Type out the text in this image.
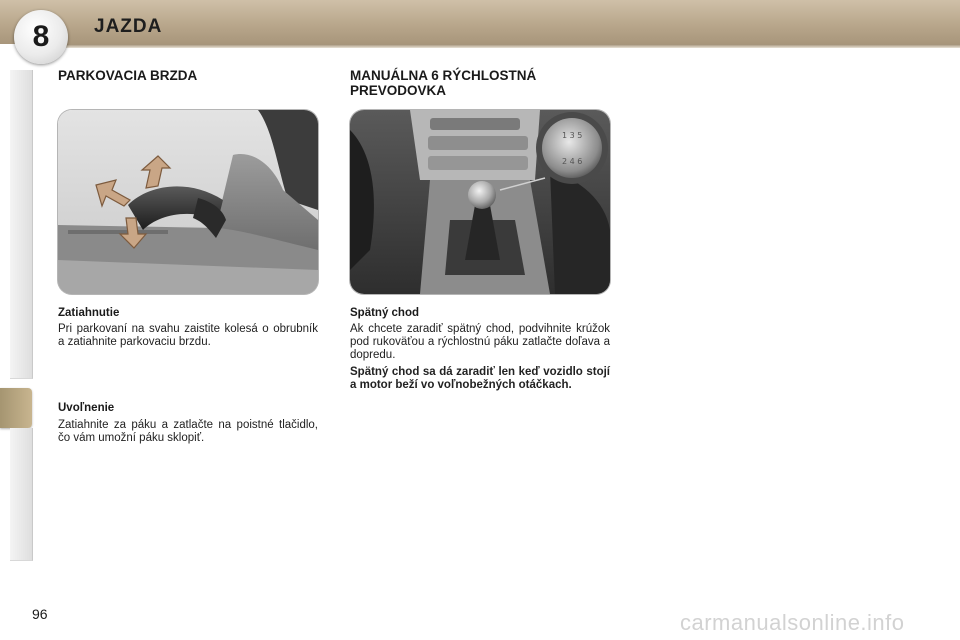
8	JAZDA
PARKOVACIA BRZDA
Zatiahnutie
Pri parkovaní na svahu zaistite kolesá o obrubník a zatiahnite parkovaciu brzdu.
Uvoľnenie
Zatiahnite za páku a zatlačte na poistné tlačidlo, čo vám umožní páku sklopiť.
MANUÁLNA 6 RÝCHLOSTNÁ
PREVODOVKA
1 3 5
2 4 6
Spätný chod
Ak chcete zaradiť spätný chod, podvihnite krúžok pod rukoväťou a rýchlostnú páku zatlačte doľava a dopredu.
Spätný chod sa dá zaradiť len keď vozidlo stojí a motor beží vo voľnobežných otáčkach.
96	carmanualsonline.info
